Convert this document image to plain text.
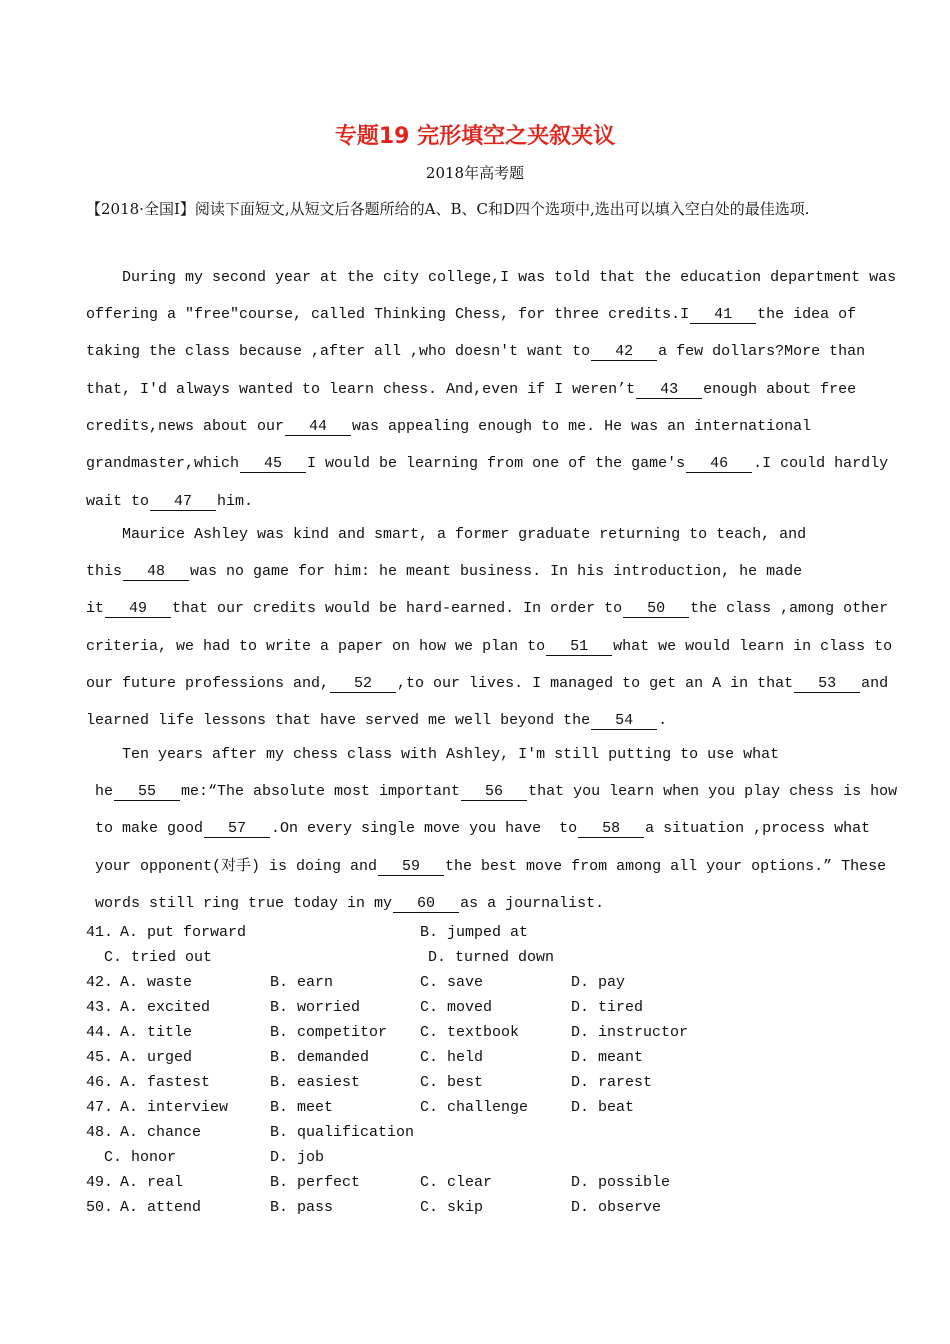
专题19 完形填空之夹叙夹议
2018年高考题
【2018·全国Ⅰ】阅读下面短文,从短文后各题所给的A、B、C和D四个选项中,选出可以填入空白处的最佳选项.
During my second year at the city college,I was told that the education department was
offering a "free"course, called Thinking Chess, for three credits.I 41 the idea of
taking the class because ,after all ,who doesn't want to 42 a few dollars?More than
that, I'd always wanted to learn chess. And,even if I weren’t 43 enough about free
credits,news about our 44 was appealing enough to me. He was an international
grandmaster,which 45 I would be learning from one of the game's 46 .I could hardly
wait to 47 him.
Maurice Ashley was kind and smart, a former graduate returning to teach, and
this 48 was no game for him: he meant business. In his introduction, he made
it 49 that our credits would be hard-earned. In order to 50 the class ,among other
criteria, we had to write a paper on how we plan to 51 what we would learn in class to
our future professions and, 52 ,to our lives. I managed to get an A in that 53 and
learned life lessons that have served me well beyond the 54 .
Ten years after my chess class with Ashley, I'm still putting to use what
he 55 me:“The absolute most important 56 that you learn when you play chess is how
to make good 57 .On every single move you have  to 58 a situation ,process what
your opponent(对手) is doing and 59 the best move from among all your options.” These
words still ring true today in my 60 as a journalist.
41. A. put forward	B. jumped at
C. tried out	D. turned down
42. A. waste	B. earn	C. save	D. pay
43. A. excited	B. worried	C. moved	D. tired
44. A. title	B. competitor C. textbook	D. instructor
45. A. urged	B. demanded	C. held	D. meant
46. A. fastest	B. easiest	C. best	D. rarest
47. A. interview	B. meet	C. challenge	D. beat
48. A. chance	B. qualification
C. honor	D. job
49. A. real	B. perfect	C. clear	D. possible
50. A. attend	B. pass	C. skip	D. observe
